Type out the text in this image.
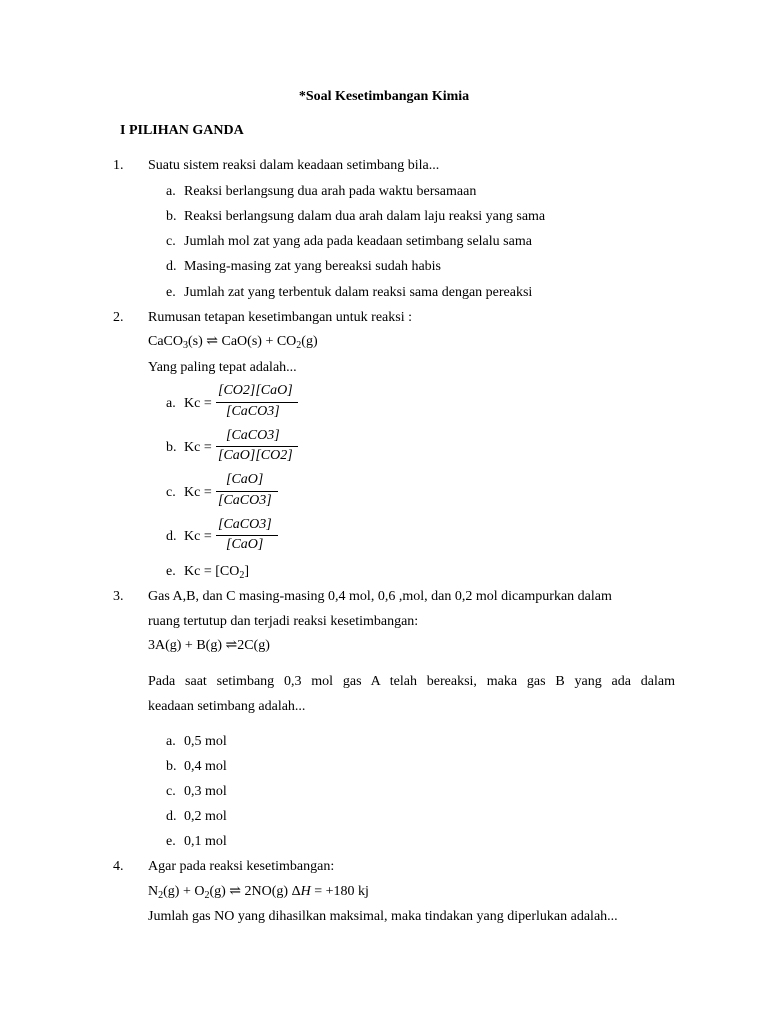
*Soal Kesetimbangan Kimia
I PILIHAN GANDA
1. Suatu sistem reaksi dalam keadaan setimbang bila...
a. Reaksi berlangsung dua arah pada waktu bersamaan
b. Reaksi berlangsung dalam dua arah dalam laju reaksi yang sama
c. Jumlah mol zat yang ada pada keadaan setimbang selalu sama
d. Masing-masing zat yang bereaksi sudah habis
e. Jumlah zat yang terbentuk dalam reaksi sama dengan pereaksi
2. Rumusan tetapan kesetimbangan untuk reaksi :
CaCO$_3$(s) ⇌ $CaO(s) + CO_2(g)$
Yang paling tepat adalah...
a. Kc =
[CO2][CaO]
[CaCO3]
b. Kc =
[CaCO3]
[CaO][CO2]
c. Kc =
[CaO]
[CaCO3]
d. Kc =
[CaCO3]
[CaO]
e. $Kc = [CO_2]$
3. Gas A,B, dan C masing-masing 0,4 mol, 0,6 ,mol, dan 0,2 mol dicampurkan dalam
ruang tertutup dan terjadi reaksi kesetimbangan:
3A(g) + B(g) ⇌2C(g)
Pada saat setimbang 0,3 mol gas A telah bereaksi, maka gas B yang ada dalam
keadaan setimbang adalah...
a. 0,5 mol
b. 0,4 mol
c. 0,3 mol
d. 0,2 mol
e. 0,1 mol
4. Agar pada reaksi kesetimbangan:
$N_2(g) + O_2(g)$ ⇌ 2NO(g) ΔH = +180 kj
Jumlah gas NO yang dihasilkan maksimal, maka tindakan yang diperlukan adalah...
